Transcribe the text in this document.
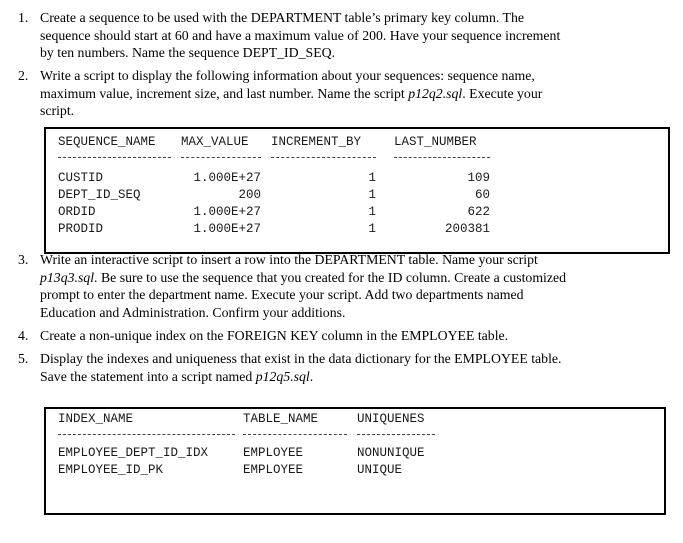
1. Create a sequence to be used with the DEPARTMENT table’s primary key column. The
sequence should start at 60 and have a maximum value of 200. Have your sequence increment
by ten numbers. Name the sequence DEPT_ID_SEQ.
2. Write a script to display the following information about your sequences: sequence name,
maximum value, increment size, and last number. Name the script p12q2.sql. Execute your
script.
SEQUENCE_NAME MAX_VALUE INCREMENT_BY	LAST_NUMBER
CUSTID	1.000E+27	1	109
DEPT_ID_SEQ	200	1	60
ORDID	1.000E+27	1	622
PRODID	1.000E+27	1	200381
3. Write an interactive script to insert a row into the DEPARTMENT table. Name your script
p13q3.sql. Be sure to use the sequence that you created for the ID column. Create a customized
prompt to enter the department name. Execute your script. Add two departments named
Education and Administration. Confirm your additions.
4. Create a non-unique index on the FOREIGN KEY column in the EMPLOYEE table.
5. Display the indexes and uniqueness that exist in the data dictionary for the EMPLOYEE table.
Save the statement into a script named p12q5.sql.
INDEX_NAME	TABLE_NAME	UNIQUENES
EMPLOYEE_DEPT_ID_IDX	EMPLOYEE	NONUNIQUE
EMPLOYEE_ID_PK	EMPLOYEE	UNIQUE
